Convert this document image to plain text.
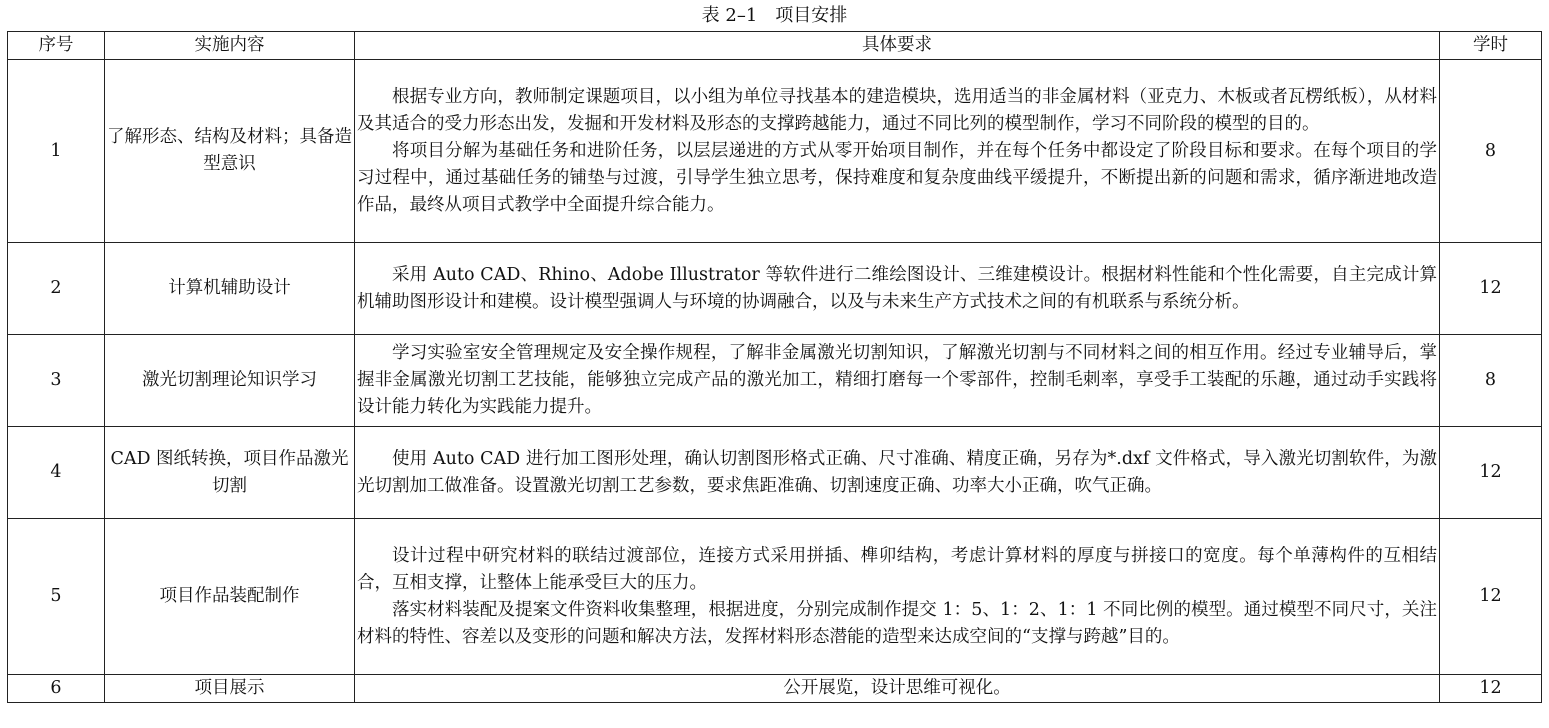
表 2–1　项目安排
序号	实施内容	具体要求	学时
1	了解形态、结构及材料；具备造型意识	根据专业方向，教师制定课题项目，以小组为单位寻找基本的建造模块，选用适当的非金属材料（亚克力、木板或者瓦楞纸板），从材料及其适合的受力形态出发，发掘和开发材料及形态的支撑跨越能力，通过不同比列的模型制作，学习不同阶段的模型的目的。

将项目分解为基础任务和进阶任务，以层层递进的方式从零开始项目制作，并在每个任务中都设定了阶段目标和要求。在每个项目的学习过程中，通过基础任务的铺垫与过渡，引导学生独立思考，保持难度和复杂度曲线平缓提升，不断提出新的问题和需求，循序渐进地改造作品，最终从项目式教学中全面提升综合能力。	8
2	计算机辅助设计	采用 Auto CAD、Rhino、Adobe Illustrator 等软件进行二维绘图设计、三维建模设计。根据材料性能和个性化需要，自主完成计算机辅助图形设计和建模。设计模型强调人与环境的协调融合，以及与未来生产方式技术之间的有机联系与系统分析。	12
3	激光切割理论知识学习	学习实验室安全管理规定及安全操作规程，了解非金属激光切割知识，了解激光切割与不同材料之间的相互作用。经过专业辅导后，掌握非金属激光切割工艺技能，能够独立完成产品的激光加工，精细打磨每一个零部件，控制毛刺率，享受手工装配的乐趣，通过动手实践将设计能力转化为实践能力提升。	8
4	CAD 图纸转换，项目作品激光切割	使用 Auto CAD 进行加工图形处理，确认切割图形格式正确、尺寸准确、精度正确，另存为*.dxf 文件格式，导入激光切割软件，为激光切割加工做准备。设置激光切割工艺参数，要求焦距准确、切割速度正确、功率大小正确，吹气正确。	12
5	项目作品装配制作	设计过程中研究材料的联结过渡部位，连接方式采用拼插、榫卯结构，考虑计算材料的厚度与拼接口的宽度。每个单薄构件的互相结合，互相支撑，让整体上能承受巨大的压力。

落实材料装配及提案文件资料收集整理，根据进度，分别完成制作提交 1：5、1：2、1：1 不同比例的模型。通过模型不同尺寸，关注材料的特性、容差以及变形的问题和解决方法，发挥材料形态潜能的造型来达成空间的“支撑与跨越”目的。	12
6	项目展示	公开展览，设计思维可视化。	12
